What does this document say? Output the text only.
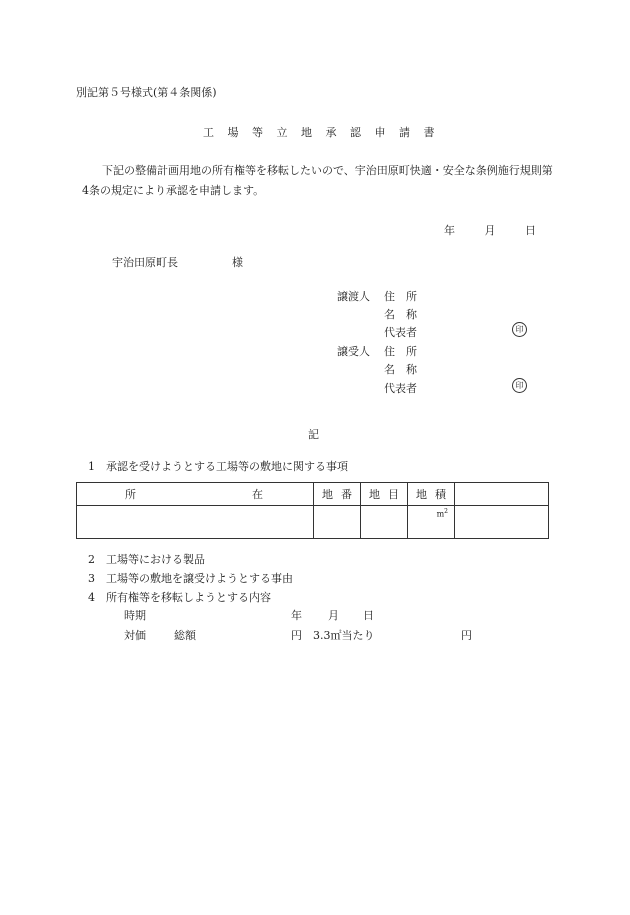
別記第５号様式(第４条関係)
工場等立地承認申請書
下記の整備計画用地の所有権等を移転したいので、宇治田原町快適・安全な条例施行規則第4条の規定により承認を申請します。
年	月	日
宇治田原町長	様
譲渡人 住　所
名　称
代表者	印
譲受人 住　所
名　称
代表者	印
記
1　承認を受けようとする工場等の敷地に関する事項
所 在	地 番	地 目	地 積	

			$m^2$

2　工場等における製品
3　工場等の敷地を譲受けようとする事由
4　所有権等を移転しようとする内容
時期	年 月 日
対価	総額	円 3.3㎡当たり	円
